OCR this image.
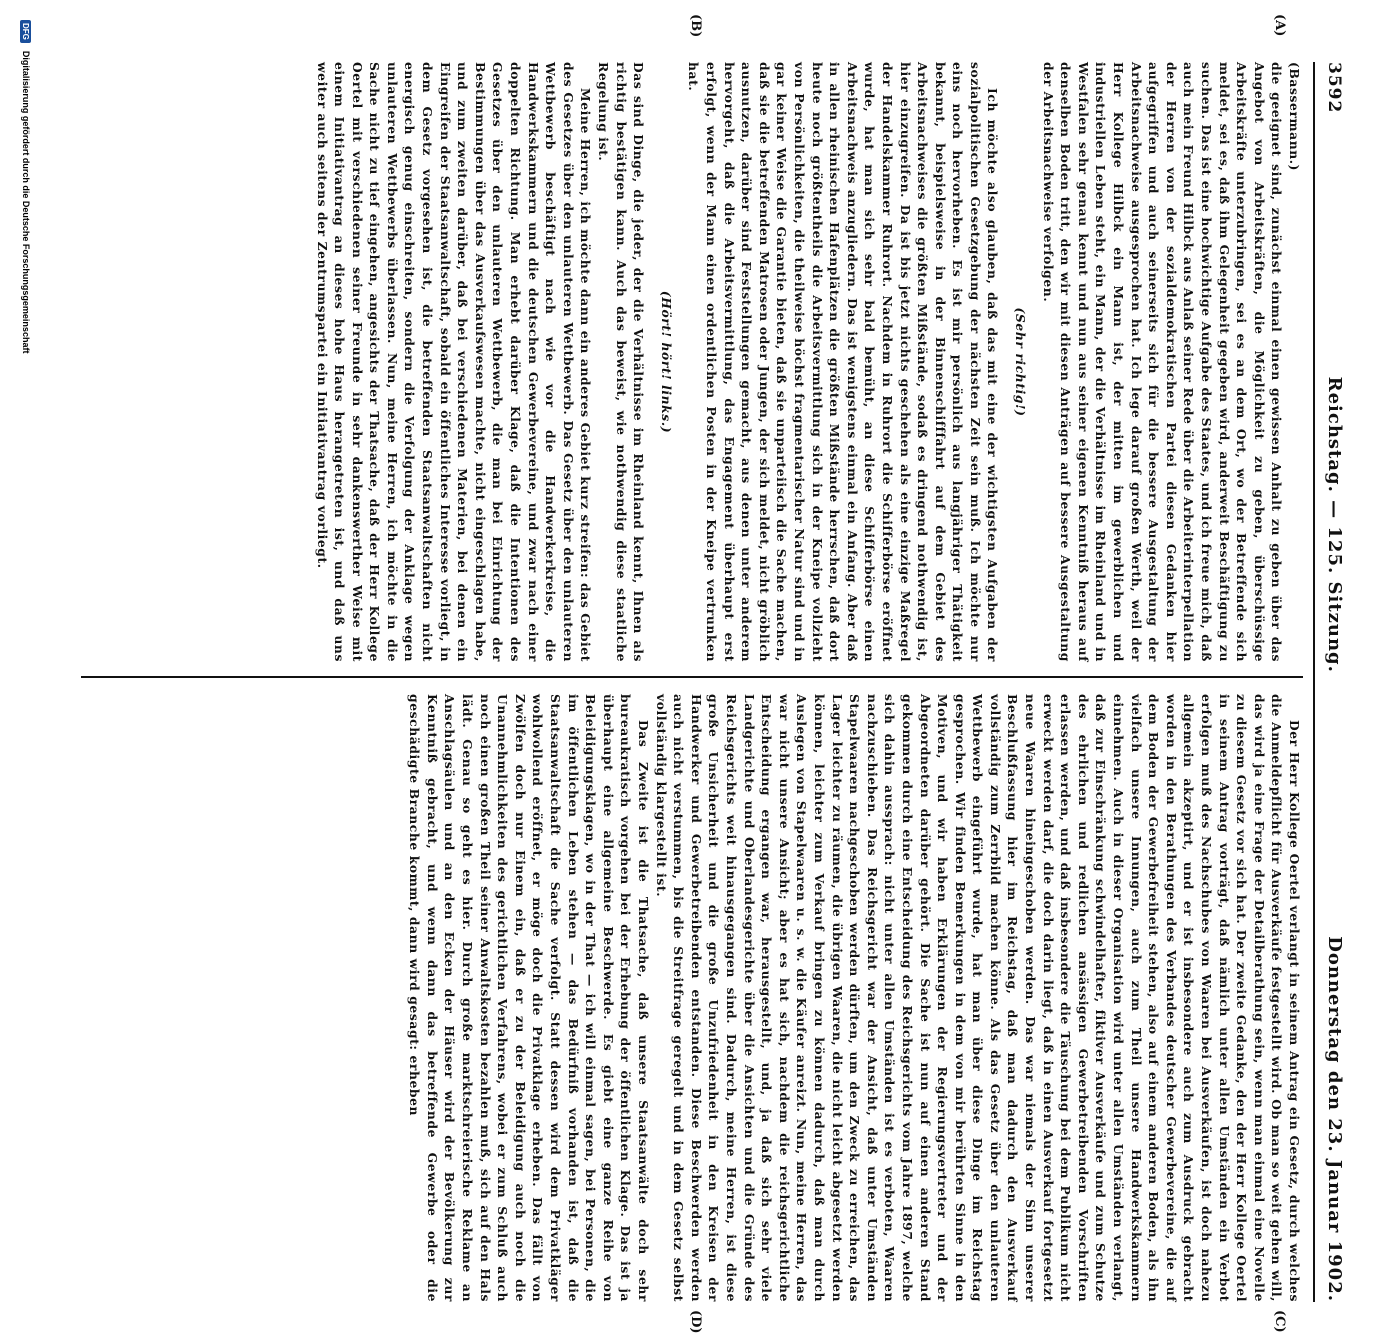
3592
Reichstag. — 125. Sitzung.
Donnerstag den 23. Januar 1902.
(A)
(B)
(C)
(D)

(Bassermann.)

die geeignet sind, zunächst einmal einen gewissen Anhalt zu geben über das Angebot von Arbeitskräften, die Möglichkeit zu geben, überschüssige Arbeitskräfte unterzubringen, sei es an dem Ort, wo der Betreffende sich meldet, sei es, daß ihm Gelegenheit gegeben wird, anderweit Beschäftigung zu suchen. Das ist eine hochwichtige Aufgabe des Staates, und ich freue mich, daß auch mein Freund Hilbck aus Anlaß seiner Rede über die Arbeiterinterpellation der Herren von der sozialdemokratischen Partei diesen Gedanken hier aufgegriffen und auch seinerseits sich für die bessere Ausgestaltung der Arbeitsnachweise ausgesprochen hat. Ich lege darauf großen Werth, weil der Herr Kollege Hilbck ein Mann ist, der mitten im gewerblichen und industriellen Leben steht, ein Mann, der die Verhältnisse im Rheinland und in Westfalen sehr genau kennt und nun aus seiner eigenen Kenntniß heraus auf denselben Boden tritt, den wir mit diesen Anträgen auf bessere Ausgestaltung der Arbeitsnachweise verfolgen.

(Sehr richtig!)

Ich möchte also glauben, daß das mit eine der wichtigsten Aufgaben der sozialpolitischen Gesetzgebung der nächsten Zeit sein muß. Ich möchte nur eins noch hervorheben. Es ist mir persönlich aus langjähriger Thätigkeit bekannt, beispielsweise in der Binnenschifffahrt auf dem Gebiet des Arbeitsnachweises die größten Mißstände, sodaß es dringend nothwendig ist, hier einzugreifen. Da ist bis jetzt nichts geschehen als eine einzige Maßregel der Handelskammer Ruhrort. Nachdem in Ruhrort die Schifferbörse eröffnet wurde, hat man sich sehr bald bemüht, an diese Schifferbörse einen Arbeitsnachweis anzugliedern. Das ist wenigstens einmal ein Anfang. Aber daß in allen rheinischen Hafenplätzen die größten Mißstände herrschen, daß dort heute noch größtentheils die Arbeitsvermittlung sich in der Kneipe vollzieht von Persönlichkeiten, die theilweise höchst fragmentarischer Natur sind und in gar keiner Weise die Garantie bieten, daß sie unparteiisch die Sache machen, daß sie die betreffenden Matrosen oder Jungen, der sich meldet, nicht gröblich ausnutzen, darüber sind Feststellungen gemacht, aus denen unter anderem hervorgeht, daß die Arbeitsvermittlung, das Engagement überhaupt erst erfolgt, wenn der Mann einen ordentlichen Posten in der Kneipe vertrunken hat.

(Hört! hört! links.)

Das sind Dinge, die jeder, der die Verhältnisse im Rheinland kennt, Ihnen als richtig bestätigen kann. Auch das beweist, wie nothwendig diese staatliche Regelung ist.

Meine Herren, ich möchte dann ein anderes Gebiet kurz streifen: das Gebiet des Gesetzes über den unlauteren Wettbewerb. Das Gesetz über den unlauteren Wettbewerb beschäftigt nach wie vor die Handwerkerkreise, die Handwerkskammern und die deutschen Gewerbevereine, und zwar nach einer doppelten Richtung. Man erhebt darüber Klage, daß die Intentionen des Gesetzes über den unlauteren Wettbewerb, die man bei Einrichtung der Bestimmungen über das Ausverkaufswesen machte, nicht eingeschlagen habe, und zum zweiten darüber, daß bei verschiedenen Materien, bei denen ein Eingreifen der Staatsanwaltschaft, sobald ein öffentliches Interesse vorliegt, in dem Gesetz vorgesehen ist, die betreffenden Staatsanwaltschaften nicht energisch genug einschreiten, sondern die Verfolgung der Anklage wegen unlauteren Wettbewerbs überlassen. Nun, meine Herren, ich möchte in die Sache nicht zu tief eingehen, angesichts der Thatsache, daß der Herr Kollege Oertel mit verschiedenen seiner Freunde in sehr dankenswerther Weise mit einem Initiativantrag an dieses hohe Haus herangetreten ist, und daß uns weiter auch seitens der Zentrumspartei ein Initiativantrag vorliegt.

Der Herr Kollege Oertel verlangt in seinem Antrag ein Gesetz, durch welches die Anmeldepflicht für Ausverkäufe festgestellt wird. Ob man so weit gehen will, das wird ja eine Frage der Detailberathung sein, wenn man einmal eine Novelle zu diesem Gesetz vor sich hat. Der zweite Gedanke, den der Herr Kollege Oertel in seinem Antrag vorträgt, daß nämlich unter allen Umständen ein Verbot erfolgen muß des Nachschubes von Waaren bei Ausverkäufen, ist doch nahezu allgemein akzeptirt, und er ist insbesondere auch zum Ausdruck gebracht worden in den Berathungen des Verbandes deutscher Gewerbevereine, die auf dem Boden der Gewerbefreiheit stehen, also auf einem anderen Boden, als ihn vielfach unsere Innungen, auch zum Theil unsere Handwerkskammern einnehmen. Auch in dieser Organisation wird unter allen Umständen verlangt, daß zur Einschränkung schwindelhafter, fiktiver Ausverkäufe und zum Schutze des ehrlichen und redlichen ansässigen Gewerbetreibenden Vorschriften erlassen werden, und daß insbesondere die Täuschung bei dem Publikum nicht erweckt werden darf, die doch darin liegt, daß in einen Ausverkauf fortgesetzt neue Waaren hineingeschoben werden. Das war niemals der Sinn unserer Beschlußfassung hier im Reichstag, daß man dadurch den Ausverkauf vollständig zum Zerrbild machen könne. Als das Gesetz über den unlauteren Wettbewerb eingeführt wurde, hat man über diese Dinge im Reichstag gesprochen. Wir finden Bemerkungen in dem von mir berührten Sinne in den Motiven, und wir haben Erklärungen der Regierungsvertreter und der Abgeordneten darüber gehört. Die Sache ist nun auf einen anderen Stand gekommen durch eine Entscheidung des Reichsgerichts vom Jahre 1897, welche sich dahin aussprach: nicht unter allen Umständen ist es verboten, Waaren nachzuschieben. Das Reichsgericht war der Ansicht, daß unter Umständen Stapelwaaren nachgeschoben werden dürften, um den Zweck zu erreichen, das Lager leichter zu räumen, die übrigen Waaren, die nicht leicht abgesetzt werden können, leichter zum Verkauf bringen zu können dadurch, daß man durch Auslegen von Stapelwaaren u. s. w. die Käufer anreizt. Nun, meine Herren, das war nicht unsere Ansicht; aber es hat sich, nachdem die reichsgerichtliche Entscheidung ergangen war, herausgestellt, und, ja daß sich sehr viele Landgerichte und Oberlandesgerichte über die Ansichten und die Gründe des Reichsgerichts weit hinausgegangen sind. Dadurch, meine Herren, ist diese große Unsicherheit und die große Unzufriedenheit in den Kreisen der Handwerker und Gewerbetreibenden entstanden. Diese Beschwerden werden auch nicht verstummen, bis die Streitfrage geregelt und in dem Gesetz selbst vollständig klargestellt ist.

Das Zweite ist die Thatsache, daß unsere Staatsanwälte doch sehr bureaukratisch vorgehen bei der Erhebung der öffentlichen Klage. Das ist ja überhaupt eine allgemeine Beschwerde. Es giebt eine ganze Reihe von Beleidigungsklagen, wo in der That — ich will einmal sagen, bei Personen, die im öffentlichen Leben stehen — das Bedürfniß vorhanden ist, daß die Staatsanwaltschaft die Sache verfolgt. Statt dessen wird dem Privatkläger wohlwollend eröffnet, er möge doch die Privatklage erheben. Das fällt von Zwölfen doch nur Einem ein, daß er zu der Beleidigung auch noch die Unannehmlichkeiten des gerichtlichen Verfahrens, wobei er zum Schluß auch noch einen großen Theil seiner Anwaltskosten bezahlen muß, sich auf den Hals lädt. Genau so geht es hier. Durch große marktschreierische Reklame an Anschlagsäulen und an den Ecken der Häuser wird der Bevölkerung zur Kenntniß gebracht, und wenn dann das betreffende Gewerbe oder die geschädigte Branche kommt, dann wird gesagt: erheben

DFG
Digitalisierung gefördert durch die Deutsche Forschungsgemeinschaft
